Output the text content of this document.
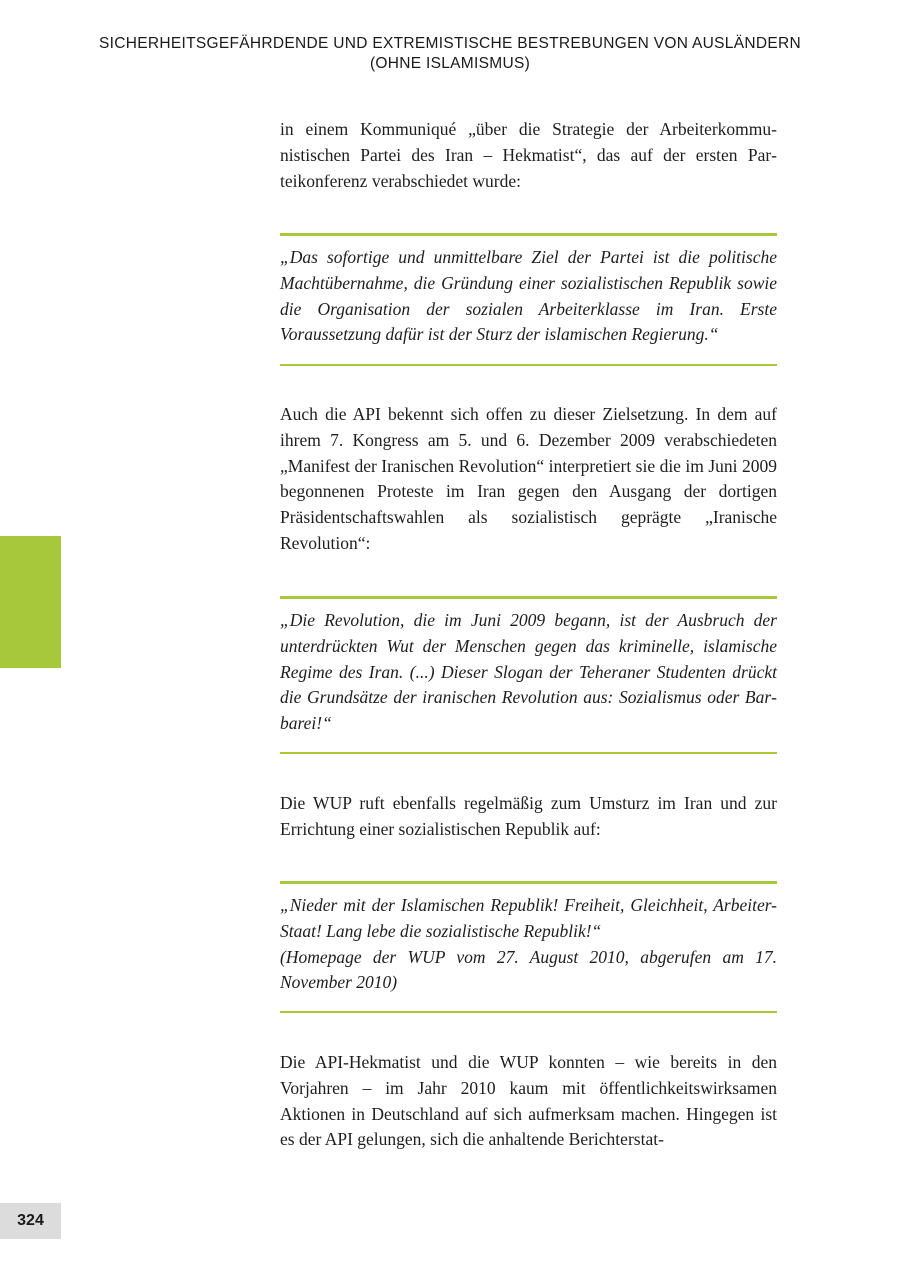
SICHERHEITSGEFÄHRDENDE UND EXTREMISTISCHE BESTREBUNGEN VON AUSLÄNDERN
(OHNE ISLAMISMUS)

in einem Kommuniqué „über die Strategie der Arbeiterkommunistischen Partei des Iran – Hekmatist“, das auf der ersten Parteikonferenz verabschiedet wurde:

„Das sofortige und unmittelbare Ziel der Partei ist die politische Machtübernahme, die Gründung einer sozialistischen Republik sowie die Organisation der sozialen Arbeiterklasse im Iran. Erste Voraussetzung dafür ist der Sturz der islamischen Regierung.“

Auch die API bekennt sich offen zu dieser Zielsetzung. In dem auf ihrem 7. Kongress am 5. und 6. Dezember 2009 verabschiedeten „Manifest der Iranischen Revolution“ interpretiert sie die im Juni 2009 begonnenen Proteste im Iran gegen den Ausgang der dortigen Präsidentschaftswahlen als sozialistisch geprägte „Iranische Revolution“:

„Die Revolution, die im Juni 2009 begann, ist der Ausbruch der unterdrückten Wut der Menschen gegen das kriminelle, islamische Regime des Iran. (...) Dieser Slogan der Teheraner Studenten drückt die Grundsätze der iranischen Revolution aus: Sozialismus oder Barbarei!“

Die WUP ruft ebenfalls regelmäßig zum Umsturz im Iran und zur Errichtung einer sozialistischen Republik auf:

„Nieder mit der Islamischen Republik! Freiheit, Gleichheit, Arbeiter-Staat! Lang lebe die sozialistische Republik!“
(Homepage der WUP vom 27. August 2010, abgerufen am 17. November 2010)

Die API-Hekmatist und die WUP konnten – wie bereits in den Vorjahren – im Jahr 2010 kaum mit öffentlichkeitswirksamen Aktionen in Deutschland auf sich aufmerksam machen. Hingegen ist es der API gelungen, sich die anhaltende Berichterstat-

324
